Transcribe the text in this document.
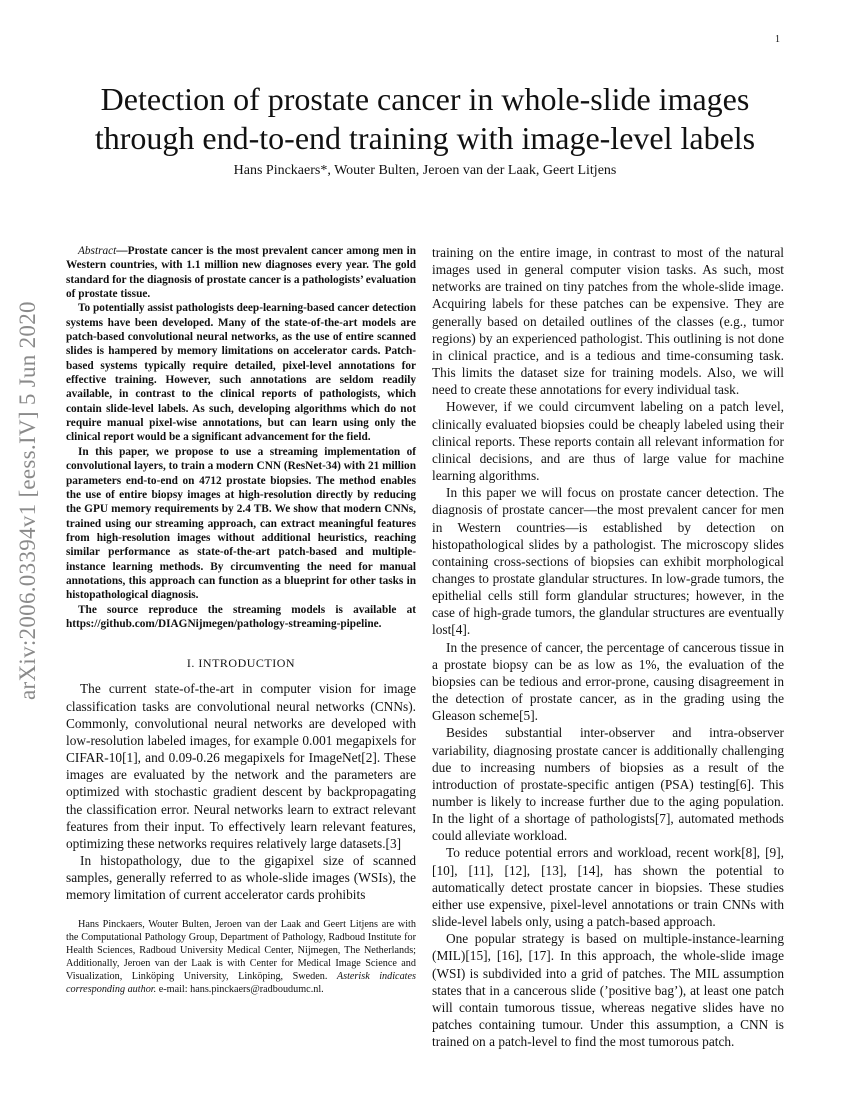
1
arXiv:2006.03394v1 [eess.IV] 5 Jun 2020
Detection of prostate cancer in whole-slide images through end-to-end training with image-level labels
Hans Pinckaers*, Wouter Bulten, Jeroen van der Laak, Geert Litjens

Abstract—Prostate cancer is the most prevalent cancer among men in Western countries, with 1.1 million new diagnoses every year. The gold standard for the diagnosis of prostate cancer is a pathologists’ evaluation of prostate tissue.

To potentially assist pathologists deep-learning-based cancer detection systems have been developed. Many of the state-of-the-art models are patch-based convolutional neural networks, as the use of entire scanned slides is hampered by memory limitations on accelerator cards. Patch-based systems typically require detailed, pixel-level annotations for effective training. However, such annotations are seldom readily available, in contrast to the clinical reports of pathologists, which contain slide-level labels. As such, developing algorithms which do not require manual pixel-wise annotations, but can learn using only the clinical report would be a significant advancement for the field.

In this paper, we propose to use a streaming implementation of convolutional layers, to train a modern CNN (ResNet-34) with 21 million parameters end-to-end on 4712 prostate biopsies. The method enables the use of entire biopsy images at high-resolution directly by reducing the GPU memory requirements by 2.4 TB. We show that modern CNNs, trained using our streaming approach, can extract meaningful features from high-resolution images without additional heuristics, reaching similar performance as state-of-the-art patch-based and multiple-instance learning methods. By circumventing the need for manual annotations, this approach can function as a blueprint for other tasks in histopathological diagnosis.

The source reproduce the streaming models is available at https://github.com/DIAGNijmegen/pathology-streaming-pipeline.

I. INTRODUCTION

The current state-of-the-art in computer vision for image classification tasks are convolutional neural networks (CNNs). Commonly, convolutional neural networks are developed with low-resolution labeled images, for example 0.001 megapixels for CIFAR-10[1], and 0.09-0.26 megapixels for ImageNet[2]. These images are evaluated by the network and the parameters are optimized with stochastic gradient descent by backpropagating the classification error. Neural networks learn to extract relevant features from their input. To effectively learn relevant features, optimizing these networks requires relatively large datasets.[3]

In histopathology, due to the gigapixel size of scanned samples, generally referred to as whole-slide images (WSIs), the memory limitation of current accelerator cards prohibits

Hans Pinckaers, Wouter Bulten, Jeroen van der Laak and Geert Litjens are with the Computational Pathology Group, Department of Pathology, Radboud Institute for Health Sciences, Radboud University Medical Center, Nijmegen, The Netherlands; Additionally, Jeroen van der Laak is with Center for Medical Image Science and Visualization, Linköping University, Linköping, Sweden. Asterisk indicates corresponding author. e-mail: hans.pinckaers@radboudumc.nl.

training on the entire image, in contrast to most of the natural images used in general computer vision tasks. As such, most networks are trained on tiny patches from the whole-slide image. Acquiring labels for these patches can be expensive. They are generally based on detailed outlines of the classes (e.g., tumor regions) by an experienced pathologist. This outlining is not done in clinical practice, and is a tedious and time-consuming task. This limits the dataset size for training models. Also, we will need to create these annotations for every individual task.

However, if we could circumvent labeling on a patch level, clinically evaluated biopsies could be cheaply labeled using their clinical reports. These reports contain all relevant information for clinical decisions, and are thus of large value for machine learning algorithms.

In this paper we will focus on prostate cancer detection. The diagnosis of prostate cancer—the most prevalent cancer for men in Western countries—is established by detection on histopathological slides by a pathologist. The microscopy slides containing cross-sections of biopsies can exhibit morphological changes to prostate glandular structures. In low-grade tumors, the epithelial cells still form glandular structures; however, in the case of high-grade tumors, the glandular structures are eventually lost[4].

In the presence of cancer, the percentage of cancerous tissue in a prostate biopsy can be as low as 1%, the evaluation of the biopsies can be tedious and error-prone, causing disagreement in the detection of prostate cancer, as in the grading using the Gleason scheme[5].

Besides substantial inter-observer and intra-observer variability, diagnosing prostate cancer is additionally challenging due to increasing numbers of biopsies as a result of the introduction of prostate-specific antigen (PSA) testing[6]. This number is likely to increase further due to the aging population. In the light of a shortage of pathologists[7], automated methods could alleviate workload.

To reduce potential errors and workload, recent work[8], [9], [10], [11], [12], [13], [14], has shown the potential to automatically detect prostate cancer in biopsies. These studies either use expensive, pixel-level annotations or train CNNs with slide-level labels only, using a patch-based approach.

One popular strategy is based on multiple-instance-learning (MIL)[15], [16], [17]. In this approach, the whole-slide image (WSI) is subdivided into a grid of patches. The MIL assumption states that in a cancerous slide (’positive bag’), at least one patch will contain tumorous tissue, whereas negative slides have no patches containing tumour. Under this assumption, a CNN is trained on a patch-level to find the most tumorous patch.
